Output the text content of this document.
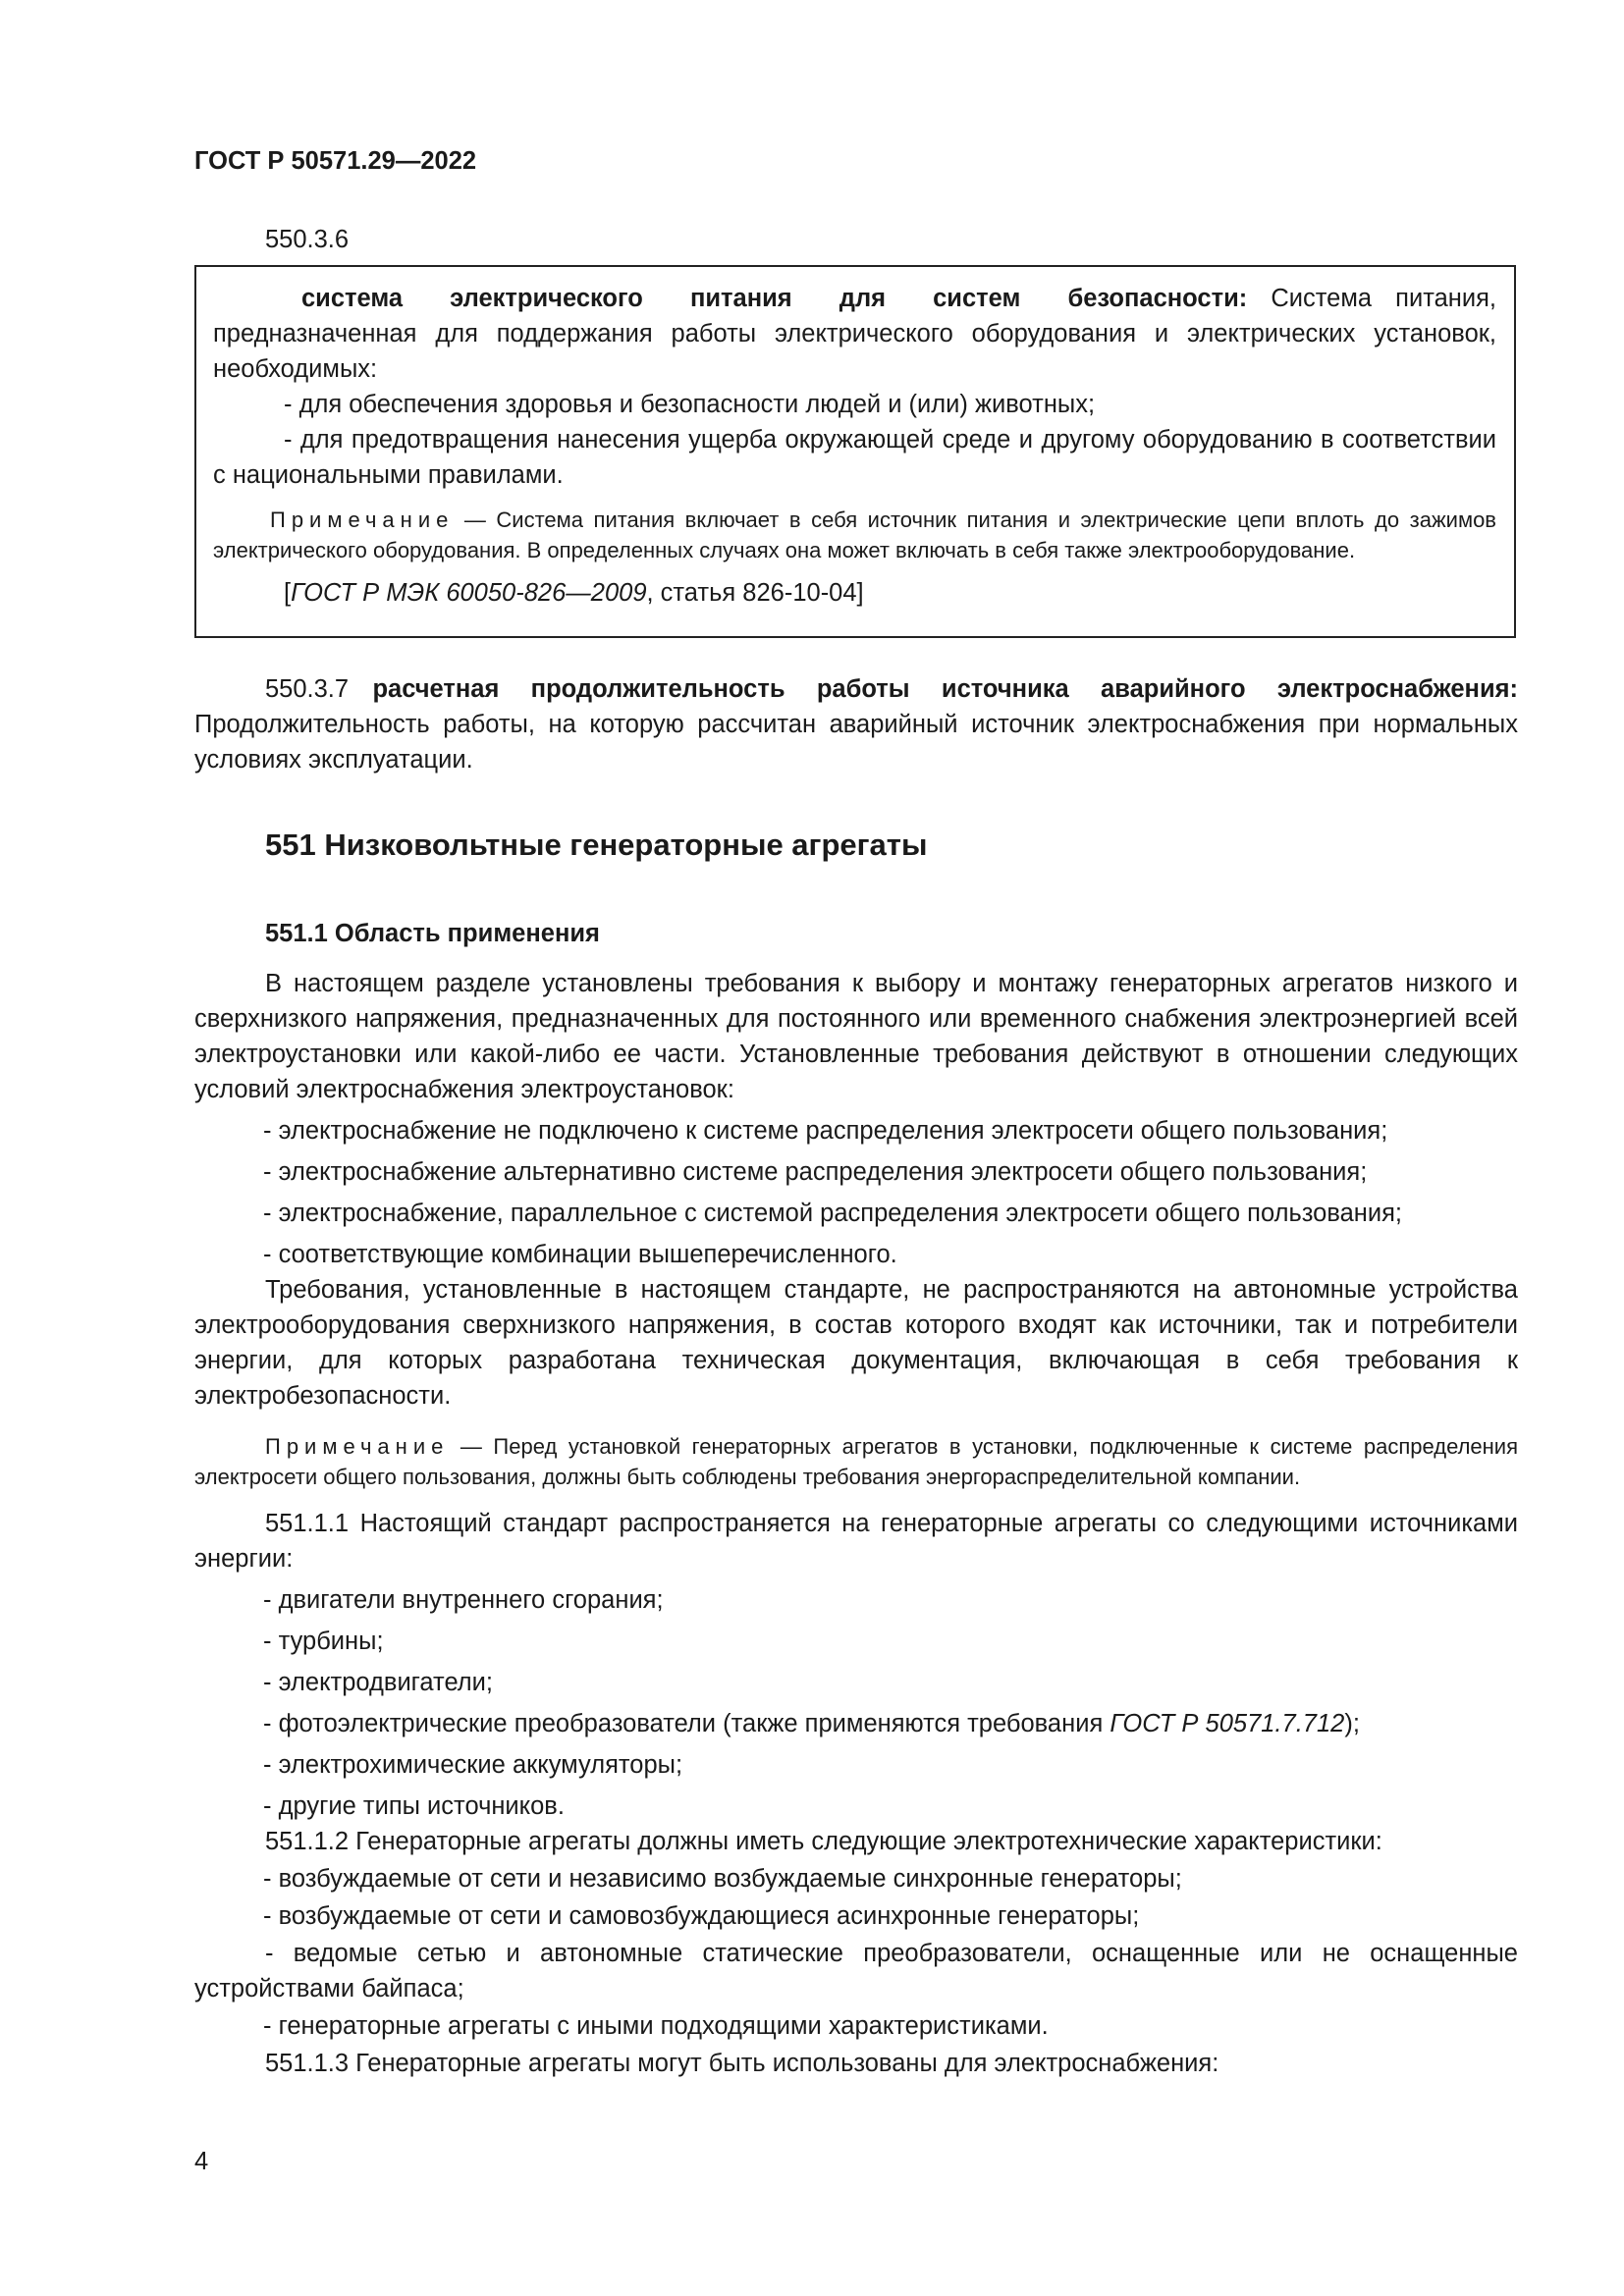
ГОСТ Р 50571.29—2022
550.3.6

система электрического питания для систем безопасности: Система питания, предназначенная для поддержания работы электрического оборудования и электрических установок, необходимых:

- для обеспечения здоровья и безопасности людей и (или) животных;

- для предотвращения нанесения ущерба окружающей среде и другому оборудованию в соответствии с национальными правилами.

Примечание — Система питания включает в себя источник питания и электрические цепи вплоть до зажимов электрического оборудования. В определенных случаях она может включать в себя также электрооборудование.

[ГОСТ Р МЭК 60050-826—2009, статья 826-10-04]

550.3.7 расчетная продолжительность работы источника аварийного электроснабжения: Продолжительность работы, на которую рассчитан аварийный источник электроснабжения при нормальных условиях эксплуатации.

551 Низковольтные генераторные агрегаты

551.1 Область применения

В настоящем разделе установлены требования к выбору и монтажу генераторных агрегатов низкого и сверхнизкого напряжения, предназначенных для постоянного или временного снабжения электроэнергией всей электроустановки или какой-либо ее части. Установленные требования действуют в отношении следующих условий электроснабжения электроустановок:

- электроснабжение не подключено к системе распределения электросети общего пользования;

- электроснабжение альтернативно системе распределения электросети общего пользования;

- электроснабжение, параллельное с системой распределения электросети общего пользования;

- соответствующие комбинации вышеперечисленного.

Требования, установленные в настоящем стандарте, не распространяются на автономные устройства электрооборудования сверхнизкого напряжения, в состав которого входят как источники, так и потребители энергии, для которых разработана техническая документация, включающая в себя требования к электробезопасности.

Примечание — Перед установкой генераторных агрегатов в установки, подключенные к системе распределения электросети общего пользования, должны быть соблюдены требования энергораспределительной компании.

551.1.1 Настоящий стандарт распространяется на генераторные агрегаты со следующими источниками энергии:

- двигатели внутреннего сгорания;

- турбины;

- электродвигатели;

- фотоэлектрические преобразователи (также применяются требования ГОСТ Р 50571.7.712);

- электрохимические аккумуляторы;

- другие типы источников.

551.1.2 Генераторные агрегаты должны иметь следующие электротехнические характеристики:

- возбуждаемые от сети и независимо возбуждаемые синхронные генераторы;

- возбуждаемые от сети и самовозбуждающиеся асинхронные генераторы;

- ведомые сетью и автономные статические преобразователи, оснащенные или не оснащенные устройствами байпаса;

- генераторные агрегаты с иными подходящими характеристиками.

551.1.3 Генераторные агрегаты могут быть использованы для электроснабжения:

4
